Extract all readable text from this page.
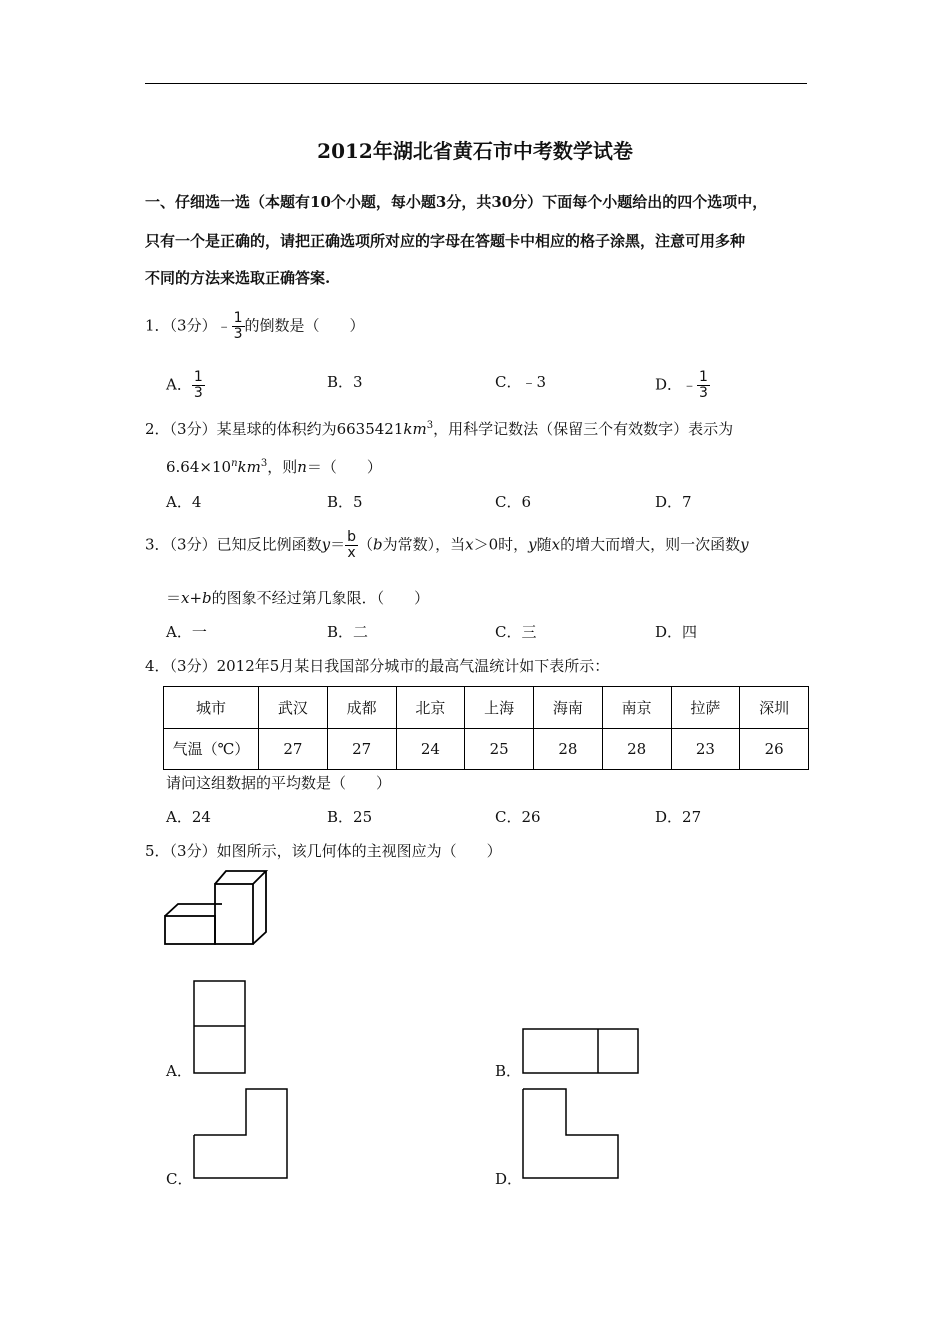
2012年湖北省黄石市中考数学试卷
一、仔细选一选（本题有10个小题，每小题3分，共30分）下面每个小题给出的四个选项中，
只有一个是正确的，请把正确选项所对应的字母在答题卡中相应的格子涂黑，注意可用多种
不同的方法来选取正确答案.
1．（3分）﹣ $\frac{1}{3}$ 的倒数是（　　）
A． $\frac{1}{3}$	B．3	C．﹣3	D．﹣ $\frac{1}{3}$
2．（3分）某星球的体积约为$6635421km^3$，用科学记数法（保留三个有效数字）表示为
$6.64\times 10^nkm^3$，则n＝（　　）
A．4	B．5	C．6	D．7
3．（3分）已知反比例函数$y= \frac{b}{x} (b$为常数），当x＞0时，y随x的增大而增大，则一次函数y
＝x+b的图象不经过第几象限．（　　）
A．一	B．二	C．三	D．四
4．（3分）2012年5月某日我国部分城市的最高气温统计如下表所示：
城市	武汉	成都	北京	上海	海南	南京	拉萨	深圳
气温（℃）	27	27	24	25	28	28	23	26
请问这组数据的平均数是（　　）
A．24	B．25	C．26	D．27
5．（3分）如图所示，该几何体的主视图应为（　　）
A．	B．
C．	D．
